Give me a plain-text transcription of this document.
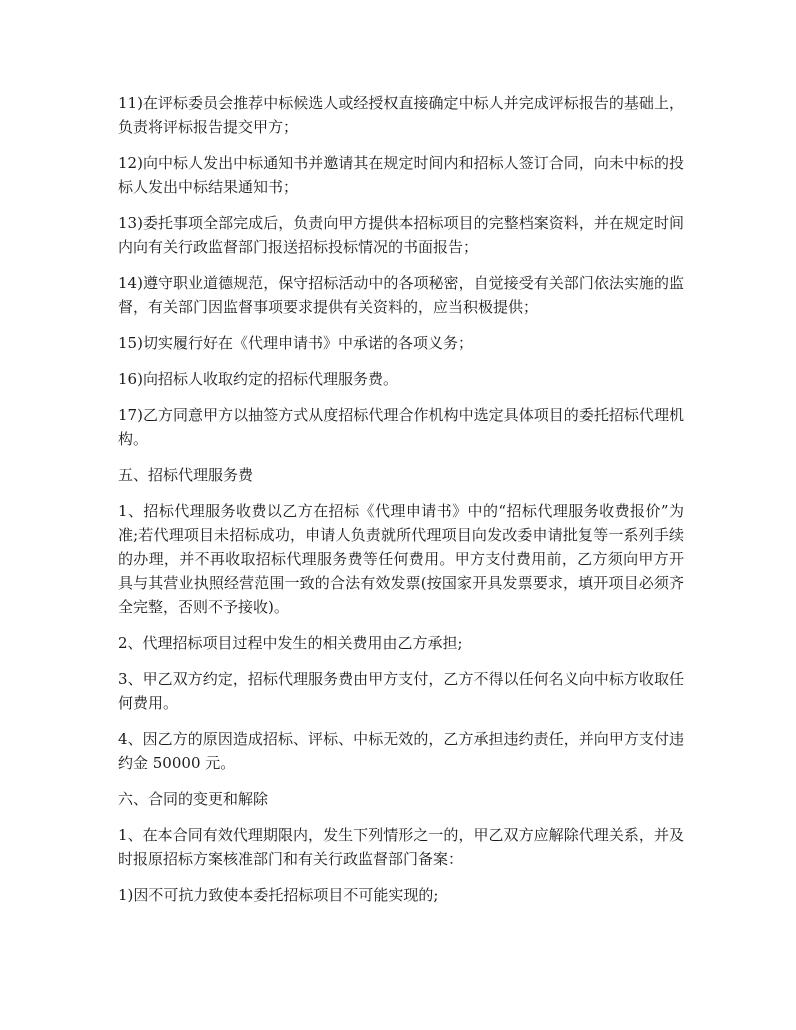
11)在评标委员会推荐中标候选人或经授权直接确定中标人并完成评标报告的基础上，负责将评标报告提交甲方；

12)向中标人发出中标通知书并邀请其在规定时间内和招标人签订合同，向未中标的投标人发出中标结果通知书；

13)委托事项全部完成后，负责向甲方提供本招标项目的完整档案资料，并在规定时间内向有关行政监督部门报送招标投标情况的书面报告；

14)遵守职业道德规范，保守招标活动中的各项秘密，自觉接受有关部门依法实施的监督，有关部门因监督事项要求提供有关资料的，应当积极提供；

15)切实履行好在《代理申请书》中承诺的各项义务；

16)向招标人收取约定的招标代理服务费。

17)乙方同意甲方以抽签方式从度招标代理合作机构中选定具体项目的委托招标代理机构。

五、招标代理服务费

1、招标代理服务收费以乙方在招标《代理申请书》中的“招标代理服务收费报价”为准;若代理项目未招标成功，申请人负责就所代理项目向发改委申请批复等一系列手续的办理，并不再收取招标代理服务费等任何费用。甲方支付费用前，乙方须向甲方开具与其营业执照经营范围一致的合法有效发票(按国家开具发票要求，填开项目必须齐全完整，否则不予接收)。

2、代理招标项目过程中发生的相关费用由乙方承担;

3、甲乙双方约定，招标代理服务费由甲方支付，乙方不得以任何名义向中标方收取任何费用。

4、因乙方的原因造成招标、评标、中标无效的，乙方承担违约责任，并向甲方支付违约金 50000 元。

六、合同的变更和解除

1、在本合同有效代理期限内，发生下列情形之一的，甲乙双方应解除代理关系，并及时报原招标方案核准部门和有关行政监督部门备案：

1)因不可抗力致使本委托招标项目不可能实现的;
